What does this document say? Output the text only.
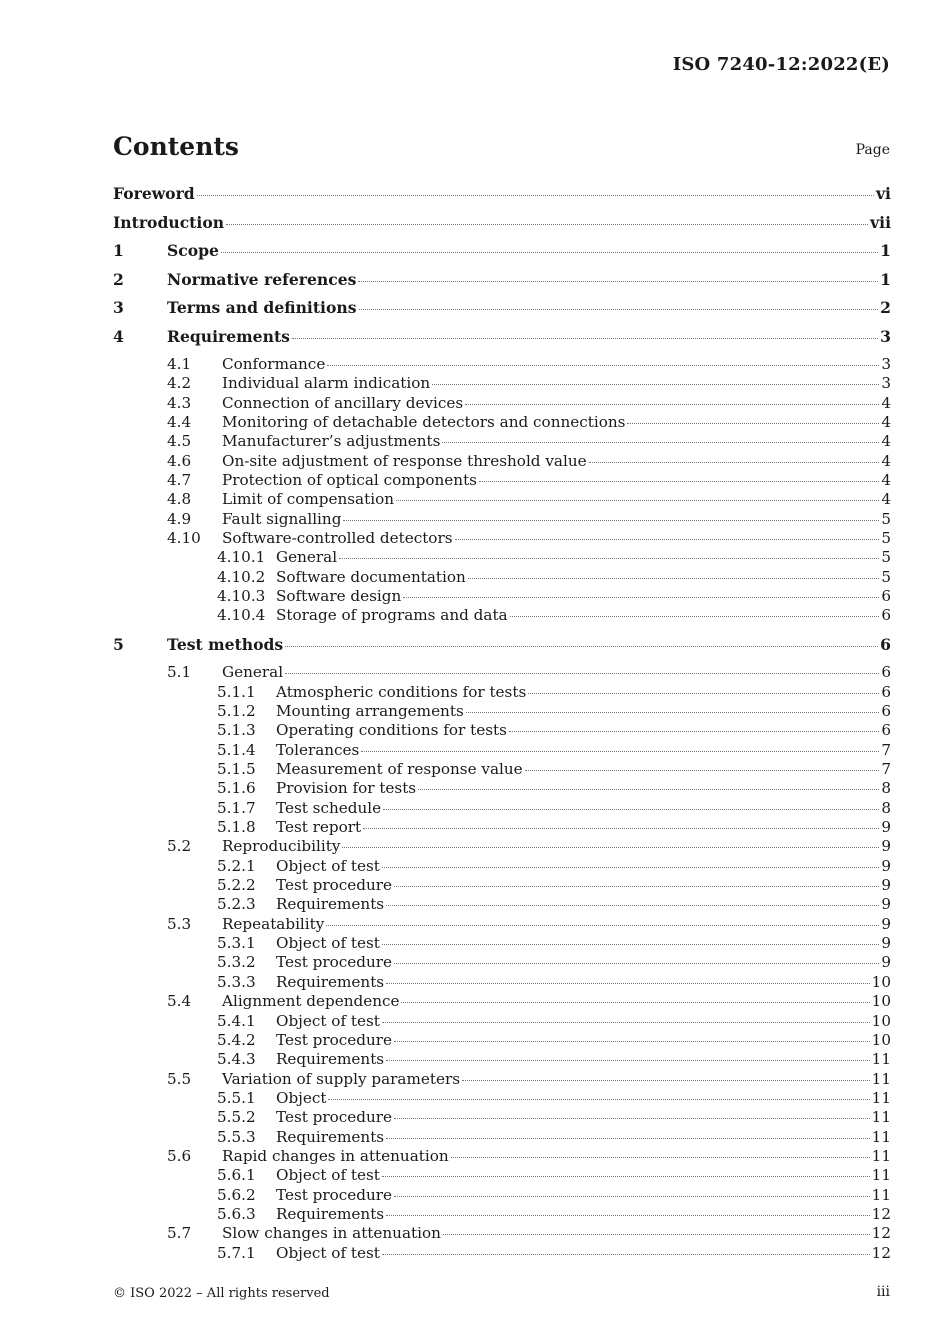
ISO 7240-12:2022(E)
Contents	Page
Foreword	vi
Introduction	vii
1	Scope	1
2	Normative references	1
3	Terms and definitions	2
4	Requirements	3
4.1	Conformance	3
4.2	Individual alarm indication	3
4.3	Connection of ancillary devices	4
4.4	Monitoring of detachable detectors and connections	4
4.5	Manufacturer’s adjustments	4
4.6	On-site adjustment of response threshold value	4
4.7	Protection of optical components	4
4.8	Limit of compensation	4
4.9	Fault signalling	5
4.10	Software-controlled detectors	5
4.10.1 General	5
4.10.2 Software documentation	5
4.10.3 Software design	6
4.10.4 Storage of programs and data	6
5	Test methods	6
5.1	General	6
5.1.1	Atmospheric conditions for tests	6
5.1.2	Mounting arrangements	6
5.1.3	Operating conditions for tests	6
5.1.4	Tolerances	7
5.1.5	Measurement of response value	7
5.1.6	Provision for tests	8
5.1.7	Test schedule	8
5.1.8	Test report	9
5.2	Reproducibility	9
5.2.1	Object of test	9
5.2.2	Test procedure	9
5.2.3	Requirements	9
5.3	Repeatability	9
5.3.1	Object of test	9
5.3.2	Test procedure	9
5.3.3	Requirements	10
5.4	Alignment dependence	10
5.4.1	Object of test	10
5.4.2	Test procedure	10
5.4.3	Requirements	11
5.5	Variation of supply parameters	11
5.5.1	Object	11
5.5.2	Test procedure	11
5.5.3	Requirements	11
5.6	Rapid changes in attenuation	11
5.6.1	Object of test	11
5.6.2	Test procedure	11
5.6.3	Requirements	12
5.7	Slow changes in attenuation	12
5.7.1	Object of test	12
© ISO 2022 – All rights reserved	iii
